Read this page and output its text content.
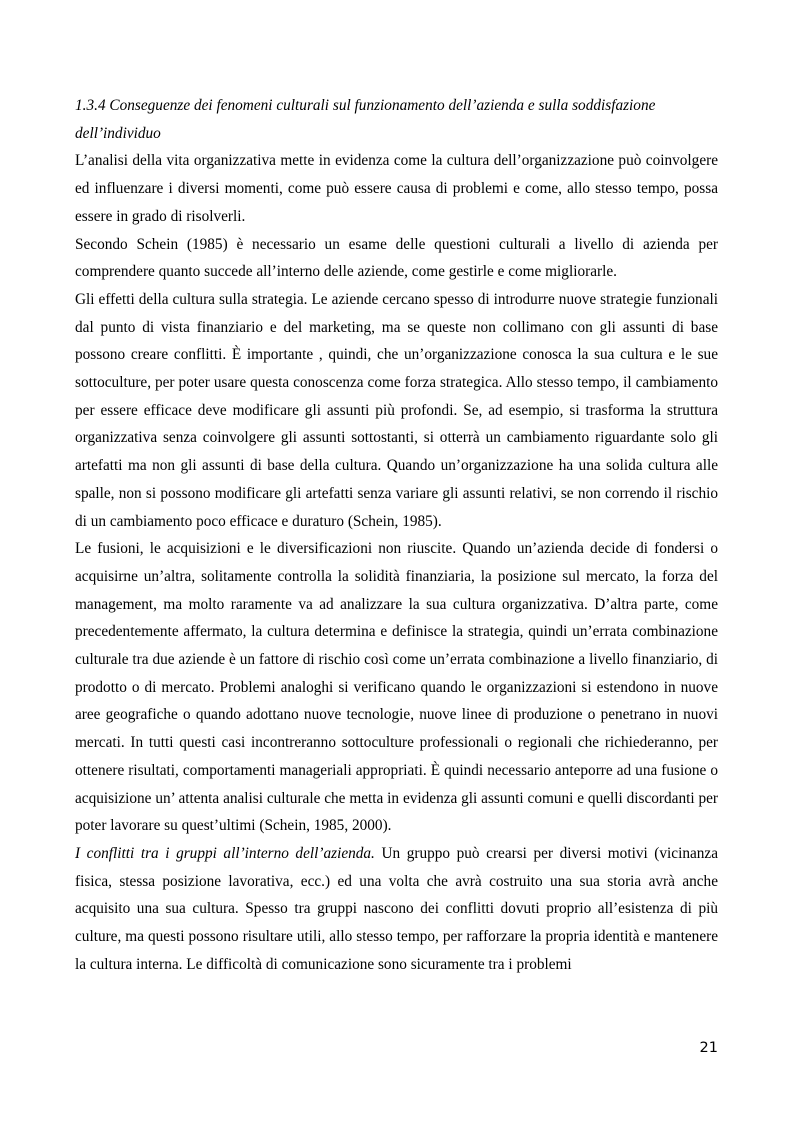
1.3.4 Conseguenze dei fenomeni culturali sul funzionamento dell’azienda e sulla soddisfazione dell’individuo

L’analisi della vita organizzativa mette in evidenza come la cultura dell’organizzazione può coinvolgere ed influenzare i diversi momenti, come può essere causa di problemi e come, allo stesso tempo, possa essere in grado di risolverli.

Secondo Schein (1985) è necessario un esame delle questioni culturali a livello di azienda per comprendere quanto succede all’interno delle aziende, come gestirle e come migliorarle.

Gli effetti della cultura sulla strategia. Le aziende cercano spesso di introdurre nuove strategie funzionali dal punto di vista finanziario e del marketing, ma se queste non collimano con gli assunti di base possono creare conflitti. È importante , quindi, che un’organizzazione conosca la sua cultura e le sue sottoculture, per poter usare questa conoscenza come forza strategica. Allo stesso tempo, il cambiamento per essere efficace deve modificare gli assunti più profondi. Se, ad esempio, si trasforma la struttura organizzativa senza coinvolgere gli assunti sottostanti, si otterrà un cambiamento riguardante solo gli artefatti ma non gli assunti di base della cultura. Quando un’organizzazione ha una solida cultura alle spalle, non si possono modificare gli artefatti senza variare gli assunti relativi, se non correndo il rischio di un cambiamento poco efficace e duraturo (Schein, 1985).

Le fusioni, le acquisizioni e le diversificazioni non riuscite. Quando un’azienda decide di fondersi o acquisirne un’altra, solitamente controlla la solidità finanziaria, la posizione sul mercato, la forza del management, ma molto raramente va ad analizzare la sua cultura organizzativa. D’altra parte, come precedentemente affermato, la cultura determina e definisce la strategia, quindi un’errata combinazione culturale tra due aziende è un fattore di rischio così come un’errata combinazione a livello finanziario, di prodotto o di mercato. Problemi analoghi si verificano quando le organizzazioni si estendono in nuove aree geografiche o quando adottano nuove tecnologie, nuove linee di produzione o penetrano in nuovi mercati. In tutti questi casi incontreranno sottoculture professionali o regionali che richiederanno, per ottenere risultati, comportamenti manageriali appropriati. È quindi necessario anteporre ad una fusione o acquisizione un’ attenta analisi culturale che metta in evidenza gli assunti comuni e quelli discordanti per poter lavorare su quest’ultimi (Schein, 1985, 2000).

I conflitti tra i gruppi all’interno dell’azienda. Un gruppo può crearsi per diversi motivi (vicinanza fisica, stessa posizione lavorativa, ecc.) ed una volta che avrà costruito una sua storia avrà anche acquisito una sua cultura. Spesso tra gruppi nascono dei conflitti dovuti proprio all’esistenza di più culture, ma questi possono risultare utili, allo stesso tempo, per rafforzare la propria identità e mantenere la cultura interna. Le difficoltà di comunicazione sono sicuramente tra i problemi

21
